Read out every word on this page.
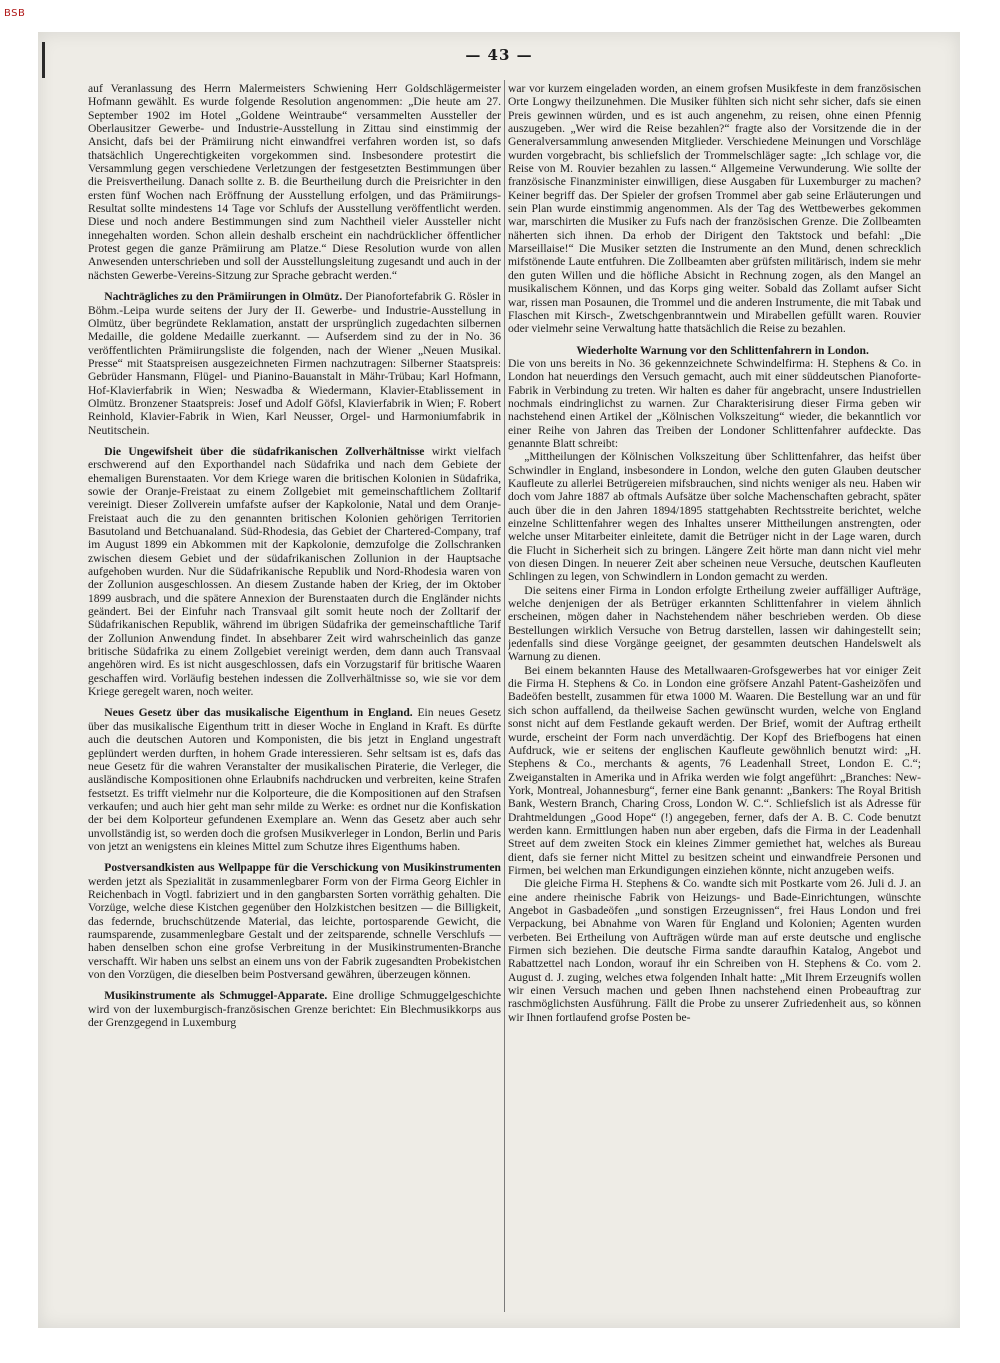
BSB
— 43 —

auf Veranlassung des Herrn Malermeisters Schwiening Herr Goldschlägermeister Hofmann gewählt. Es wurde folgende Resolution angenommen: „Die heute am 27. September 1902 im Hotel „Goldene Weintraube“ versammelten Aussteller der Oberlausitzer Gewerbe- und Industrie-Ausstellung in Zittau sind einstimmig der Ansicht, dafs bei der Prämiirung nicht einwandfrei verfahren worden ist, so dafs thatsächlich Ungerechtigkeiten vorgekommen sind. Insbesondere protestirt die Versammlung gegen verschiedene Verletzungen der festgesetzten Bestimmungen über die Preisvertheilung. Danach sollte z. B. die Beurtheilung durch die Preisrichter in den ersten fünf Wochen nach Eröffnung der Ausstellung erfolgen, und das Prämiirungs-Resultat sollte mindestens 14 Tage vor Schlufs der Ausstellung veröffentlicht werden. Diese und noch andere Bestimmungen sind zum Nachtheil vieler Aussteller nicht innegehalten worden. Schon allein deshalb erscheint ein nachdrücklicher öffentlicher Protest gegen die ganze Prämiirung am Platze.“ Diese Resolution wurde von allen Anwesenden unterschrieben und soll der Ausstellungsleitung zugesandt und auch in der nächsten Gewerbe-Vereins-Sitzung zur Sprache gebracht werden.“

Nachträgliches zu den Prämiirungen in Olmütz. Der Pianofortefabrik G. Rösler in Böhm.-Leipa wurde seitens der Jury der II. Gewerbe- und Industrie-Ausstellung in Olmütz, über begründete Reklamation, anstatt der ursprünglich zugedachten silbernen Medaille, die goldene Medaille zuerkannt. — Aufserdem sind zu der in No. 36 veröffentlichten Prämiirungsliste die folgenden, nach der Wiener „Neuen Musikal. Presse“ mit Staatspreisen ausgezeichneten Firmen nachzutragen: Silberner Staatspreis: Gebrüder Hansmann, Flügel- und Pianino-Bauanstalt in Mähr-Trübau; Karl Hofmann, Hof-Klavierfabrik in Wien; Neswadba & Wiedermann, Klavier-Etablissement in Olmütz. Bronzener Staatspreis: Josef und Adolf Göfsl, Klavierfabrik in Wien; F. Robert Reinhold, Klavier-Fabrik in Wien, Karl Neusser, Orgel- und Harmoniumfabrik in Neutitschein.

Die Ungewifsheit über die südafrikanischen Zollverhältnisse wirkt vielfach erschwerend auf den Exporthandel nach Südafrika und nach dem Gebiete der ehemaligen Burenstaaten. Vor dem Kriege waren die britischen Kolonien in Südafrika, sowie der Oranje-Freistaat zu einem Zollgebiet mit gemeinschaftlichem Zolltarif vereinigt. Dieser Zollverein umfafste aufser der Kapkolonie, Natal und dem Oranje-Freistaat auch die zu den genannten britischen Kolonien gehörigen Territorien Basutoland und Betchuanaland. Süd-Rhodesia, das Gebiet der Chartered-Company, traf im August 1899 ein Abkommen mit der Kapkolonie, demzufolge die Zollschranken zwischen diesem Gebiet und der südafrikanischen Zollunion in der Hauptsache aufgehoben wurden. Nur die Südafrikanische Republik und Nord-Rhodesia waren von der Zollunion ausgeschlossen. An diesem Zustande haben der Krieg, der im Oktober 1899 ausbrach, und die spätere Annexion der Burenstaaten durch die Engländer nichts geändert. Bei der Einfuhr nach Transvaal gilt somit heute noch der Zolltarif der Südafrikanischen Republik, während im übrigen Südafrika der gemeinschaftliche Tarif der Zollunion Anwendung findet. In absehbarer Zeit wird wahrscheinlich das ganze britische Südafrika zu einem Zollgebiet vereinigt werden, dem dann auch Transvaal angehören wird. Es ist nicht ausgeschlossen, dafs ein Vorzugstarif für britische Waaren geschaffen wird. Vorläufig bestehen indessen die Zollverhältnisse so, wie sie vor dem Kriege geregelt waren, noch weiter.

Neues Gesetz über das musikalische Eigenthum in England. Ein neues Gesetz über das musikalische Eigenthum tritt in dieser Woche in England in Kraft. Es dürfte auch die deutschen Autoren und Komponisten, die bis jetzt in England ungestraft geplündert werden durften, in hohem Grade interessieren. Sehr seltsam ist es, dafs das neue Gesetz für die wahren Veranstalter der musikalischen Piraterie, die Verleger, die ausländische Kompositionen ohne Erlaubnifs nachdrucken und verbreiten, keine Strafen festsetzt. Es trifft vielmehr nur die Kolporteure, die die Kompositionen auf den Strafsen verkaufen; und auch hier geht man sehr milde zu Werke: es ordnet nur die Konfiskation der bei dem Kolporteur gefundenen Exemplare an. Wenn das Gesetz aber auch sehr unvollständig ist, so werden doch die grofsen Musikverleger in London, Berlin und Paris von jetzt an wenigstens ein kleines Mittel zum Schutze ihres Eigenthums haben.

Postversandkisten aus Wellpappe für die Verschickung von Musikinstrumenten werden jetzt als Spezialität in zusammenlegbarer Form von der Firma Georg Eichler in Reichenbach in Vogtl. fabriziert und in den gangbarsten Sorten vorräthig gehalten. Die Vorzüge, welche diese Kistchen gegenüber den Holzkistchen besitzen — die Billigkeit, das federnde, bruchschützende Material, das leichte, portosparende Gewicht, die raumsparende, zusammenlegbare Gestalt und der zeitsparende, schnelle Verschlufs — haben denselben schon eine grofse Verbreitung in der Musikinstrumenten-Branche verschafft. Wir haben uns selbst an einem uns von der Fabrik zugesandten Probekistchen von den Vorzügen, die dieselben beim Postversand gewähren, überzeugen können.

Musikinstrumente als Schmuggel-Apparate. Eine drollige Schmuggelgeschichte wird von der luxemburgisch-französischen Grenze berichtet: Ein Blechmusikkorps aus der Grenzgegend in Luxemburg

war vor kurzem eingeladen worden, an einem grofsen Musikfeste in dem französischen Orte Longwy theilzunehmen. Die Musiker fühlten sich nicht sehr sicher, dafs sie einen Preis gewinnen würden, und es ist auch angenehm, zu reisen, ohne einen Pfennig auszugeben. „Wer wird die Reise bezahlen?“ fragte also der Vorsitzende die in der Generalversammlung anwesenden Mitglieder. Verschiedene Meinungen und Vorschläge wurden vorgebracht, bis schliefslich der Trommelschläger sagte: „Ich schlage vor, die Reise von M. Rouvier bezahlen zu lassen.“ Allgemeine Verwunderung. Wie sollte der französische Finanzminister einwilligen, diese Ausgaben für Luxemburger zu machen? Keiner begriff das. Der Spieler der grofsen Trommel aber gab seine Erläuterungen und sein Plan wurde einstimmig angenommen. Als der Tag des Wettbewerbes gekommen war, marschirten die Musiker zu Fufs nach der französischen Grenze. Die Zollbeamten näherten sich ihnen. Da erhob der Dirigent den Taktstock und befahl: „Die Marseillaise!“ Die Musiker setzten die Instrumente an den Mund, denen schrecklich mifstönende Laute entfuhren. Die Zollbeamten aber grüfsten militärisch, indem sie mehr den guten Willen und die höfliche Absicht in Rechnung zogen, als den Mangel an musikalischem Können, und das Korps ging weiter. Sobald das Zollamt aufser Sicht war, rissen man Posaunen, die Trommel und die anderen Instrumente, die mit Tabak und Flaschen mit Kirsch-, Zwetschgenbranntwein und Mirabellen gefüllt waren. Rouvier oder vielmehr seine Verwaltung hatte thatsächlich die Reise zu bezahlen.

Wiederholte Warnung vor den Schlittenfahrern in London.

Die von uns bereits in No. 36 gekennzeichnete Schwindelfirma: H. Stephens & Co. in London hat neuerdings den Versuch gemacht, auch mit einer süddeutschen Pianoforte-Fabrik in Verbindung zu treten. Wir halten es daher für angebracht, unsere Industriellen nochmals eindringlichst zu warnen. Zur Charakterisirung dieser Firma geben wir nachstehend einen Artikel der „Kölnischen Volkszeitung“ wieder, die bekanntlich vor einer Reihe von Jahren das Treiben der Londoner Schlittenfahrer aufdeckte. Das genannte Blatt schreibt:

„Mittheilungen der Kölnischen Volkszeitung über Schlittenfahrer, das heifst über Schwindler in England, insbesondere in London, welche den guten Glauben deutscher Kaufleute zu allerlei Betrügereien mifsbrauchen, sind nichts weniger als neu. Haben wir doch vom Jahre 1887 ab oftmals Aufsätze über solche Machenschaften gebracht, später auch über die in den Jahren 1894/1895 stattgehabten Rechtsstreite berichtet, welche einzelne Schlittenfahrer wegen des Inhaltes unserer Mittheilungen anstrengten, oder welche unser Mitarbeiter einleitete, damit die Betrüger nicht in der Lage waren, durch die Flucht in Sicherheit sich zu bringen. Längere Zeit hörte man dann nicht viel mehr von diesen Dingen. In neuerer Zeit aber scheinen neue Versuche, deutschen Kaufleuten Schlingen zu legen, von Schwindlern in London gemacht zu werden.

Die seitens einer Firma in London erfolgte Ertheilung zweier auffälliger Aufträge, welche denjenigen der als Betrüger erkannten Schlittenfahrer in vielem ähnlich erscheinen, mögen daher in Nachstehendem näher beschrieben werden. Ob diese Bestellungen wirklich Versuche von Betrug darstellen, lassen wir dahingestellt sein; jedenfalls sind diese Vorgänge geeignet, der gesammten deutschen Handelswelt als Warnung zu dienen.

Bei einem bekannten Hause des Metallwaaren-Grofsgewerbes hat vor einiger Zeit die Firma H. Stephens & Co. in London eine gröfsere Anzahl Patent-Gasheizöfen und Badeöfen bestellt, zusammen für etwa 1000 M. Waaren. Die Bestellung war an und für sich schon auffallend, da theilweise Sachen gewünscht wurden, welche von England sonst nicht auf dem Festlande gekauft werden. Der Brief, womit der Auftrag ertheilt wurde, erscheint der Form nach unverdächtig. Der Kopf des Briefbogens hat einen Aufdruck, wie er seitens der englischen Kaufleute gewöhnlich benutzt wird: „H. Stephens & Co., merchants & agents, 76 Leadenhall Street, London E. C.“; Zweiganstalten in Amerika und in Afrika werden wie folgt angeführt: „Branches: New-York, Montreal, Johannesburg“, ferner eine Bank genannt: „Bankers: The Royal British Bank, Western Branch, Charing Cross, London W. C.“. Schliefslich ist als Adresse für Drahtmeldungen „Good Hope“ (!) angegeben, ferner, dafs der A. B. C. Code benutzt werden kann. Ermittlungen haben nun aber ergeben, dafs die Firma in der Leadenhall Street auf dem zweiten Stock ein kleines Zimmer gemiethet hat, welches als Bureau dient, dafs sie ferner nicht Mittel zu besitzen scheint und einwandfreie Personen und Firmen, bei welchen man Erkundigungen einziehen könnte, nicht anzugeben weifs.

Die gleiche Firma H. Stephens & Co. wandte sich mit Postkarte vom 26. Juli d. J. an eine andere rheinische Fabrik von Heizungs- und Bade-Einrichtungen, wünschte Angebot in Gasbadeöfen „und sonstigen Erzeugnissen“, frei Haus London und frei Verpackung, bei Abnahme von Waren für England und Kolonien; Agenten wurden verbeten. Bei Ertheilung von Aufträgen würde man auf erste deutsche und englische Firmen sich beziehen. Die deutsche Firma sandte daraufhin Katalog, Angebot und Rabattzettel nach London, worauf ihr ein Schreiben von H. Stephens & Co. vom 2. August d. J. zuging, welches etwa folgenden Inhalt hatte: „Mit Ihrem Erzeugnifs wollen wir einen Versuch machen und geben Ihnen nachstehend einen Probeauftrag zur raschmöglichsten Ausführung. Fällt die Probe zu unserer Zufriedenheit aus, so können wir Ihnen fortlaufend grofse Posten be-
